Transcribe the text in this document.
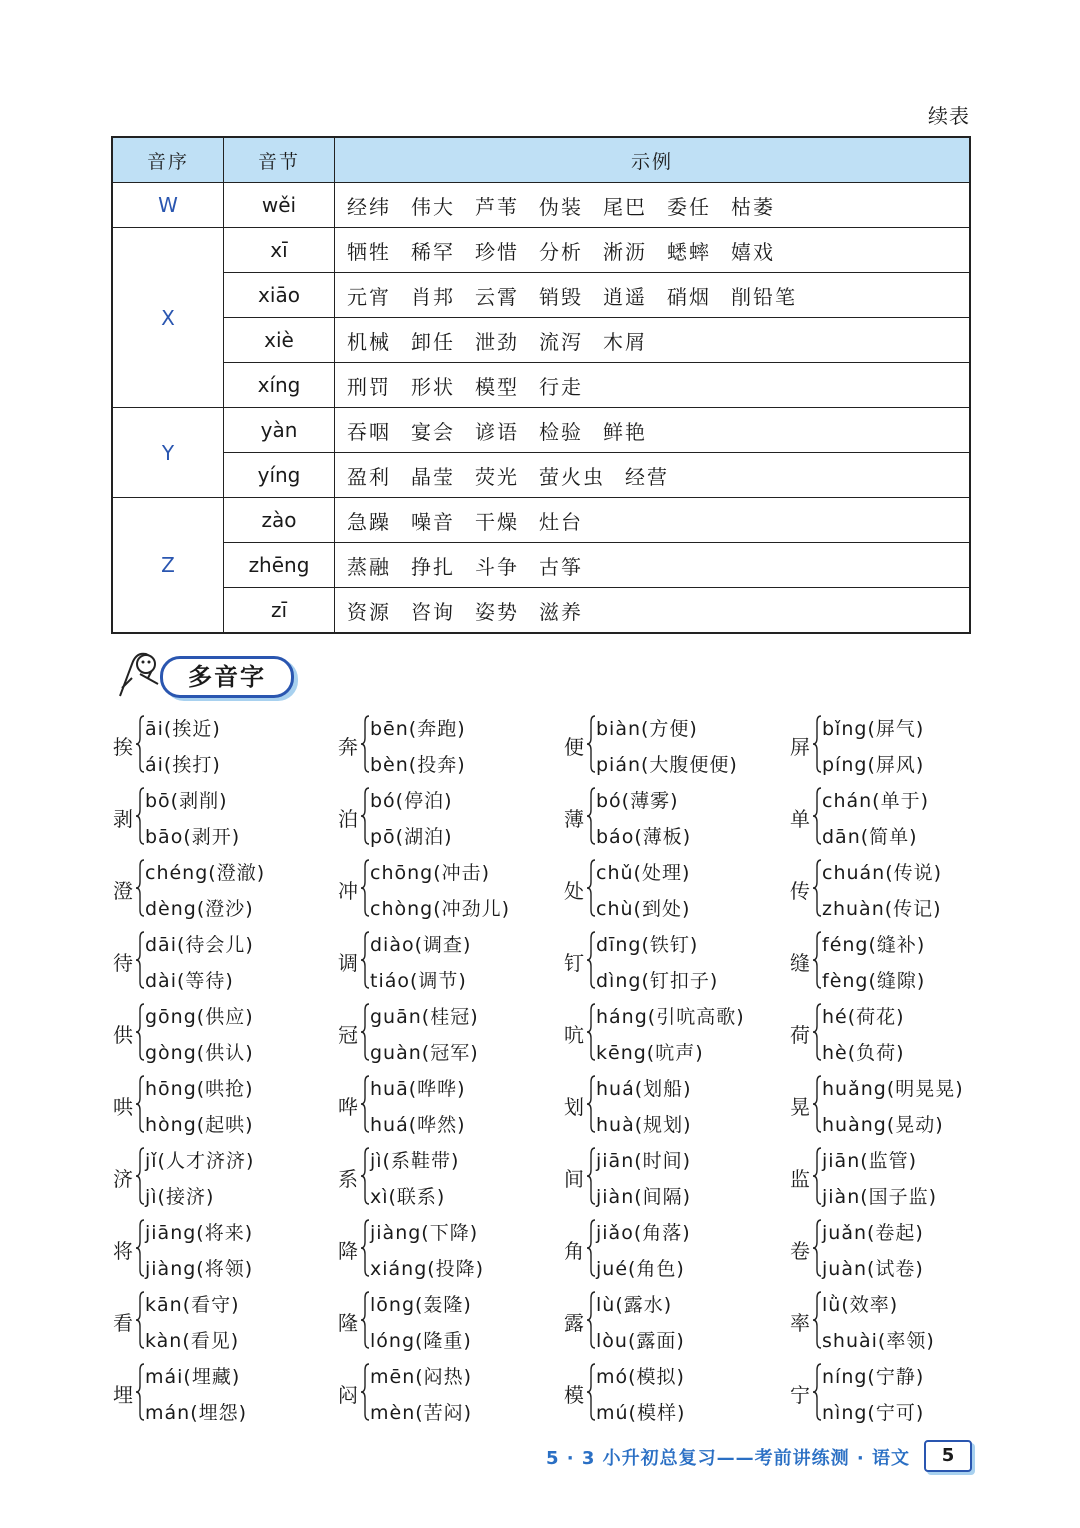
续表
音序	音节	示例
W	wěi	经纬 伟大 芦苇 伪装 尾巴 委任 枯萎
X	xī	牺牲 稀罕 珍惜 分析 淅沥 蟋蟀 嬉戏
	xiāo	元宵 肖邦 云霄 销毁 逍遥 硝烟 削铅笔
	xiè	机械 卸任 泄劲 流泻 木屑
	xíng	刑罚 形状 模型 行走
Y	yàn	吞咽 宴会 谚语 检验 鲜艳
	yíng	盈利 晶莹 荧光 萤火虫 经营
Z	zào	急躁 噪音 干燥 灶台
	zhēng	蒸融 挣扎 斗争 古筝
	zī	资源 咨询 姿势 滋养
多音字
挨
āi(挨近)
ái(挨打)
奔
bēn(奔跑)
bèn(投奔)
便
biàn(方便)
pián(大腹便便)
屏
bǐng(屏气)
píng(屏风)
剥
bō(剥削)
bāo(剥开)
泊
bó(停泊)
pō(湖泊)
薄
bó(薄雾)
báo(薄板)
单
chán(单于)
dān(简单)
澄
chéng(澄澈)
dèng(澄沙)
冲
chōng(冲击)
chòng(冲劲儿)
处
chǔ(处理)
chù(到处)
传
chuán(传说)
zhuàn(传记)
待
dāi(待会儿)
dài(等待)
调
diào(调查)
tiáo(调节)
钉
dīng(铁钉)
dìng(钉扣子)
缝
féng(缝补)
fèng(缝隙)
供
gōng(供应)
gòng(供认)
冠
guān(桂冠)
guàn(冠军)
吭
háng(引吭高歌)
kēng(吭声)
荷
hé(荷花)
hè(负荷)
哄
hōng(哄抢)
hòng(起哄)
哗
huā(哗哗)
huá(哗然)
划
huá(划船)
huà(规划)
晃
huǎng(明晃晃)
huàng(晃动)
济
jǐ(人才济济)
jì(接济)
系
jì(系鞋带)
xì(联系)
间
jiān(时间)
jiàn(间隔)
监
jiān(监管)
jiàn(国子监)
将
jiāng(将来)
jiàng(将领)
降
jiàng(下降)
xiáng(投降)
角
jiǎo(角落)
jué(角色)
卷
juǎn(卷起)
juàn(试卷)
看
kān(看守)
kàn(看见)
隆
lōng(轰隆)
lóng(隆重)
露
lù(露水)
lòu(露面)
率
lǜ(效率)
shuài(率领)
埋
mái(埋藏)
mán(埋怨)
闷
mēn(闷热)
mèn(苦闷)
模
mó(模拟)
mú(模样)
宁
níng(宁静)
nìng(宁可)
5 · 3 小升初总复习——考前讲练测 · 语文	5
